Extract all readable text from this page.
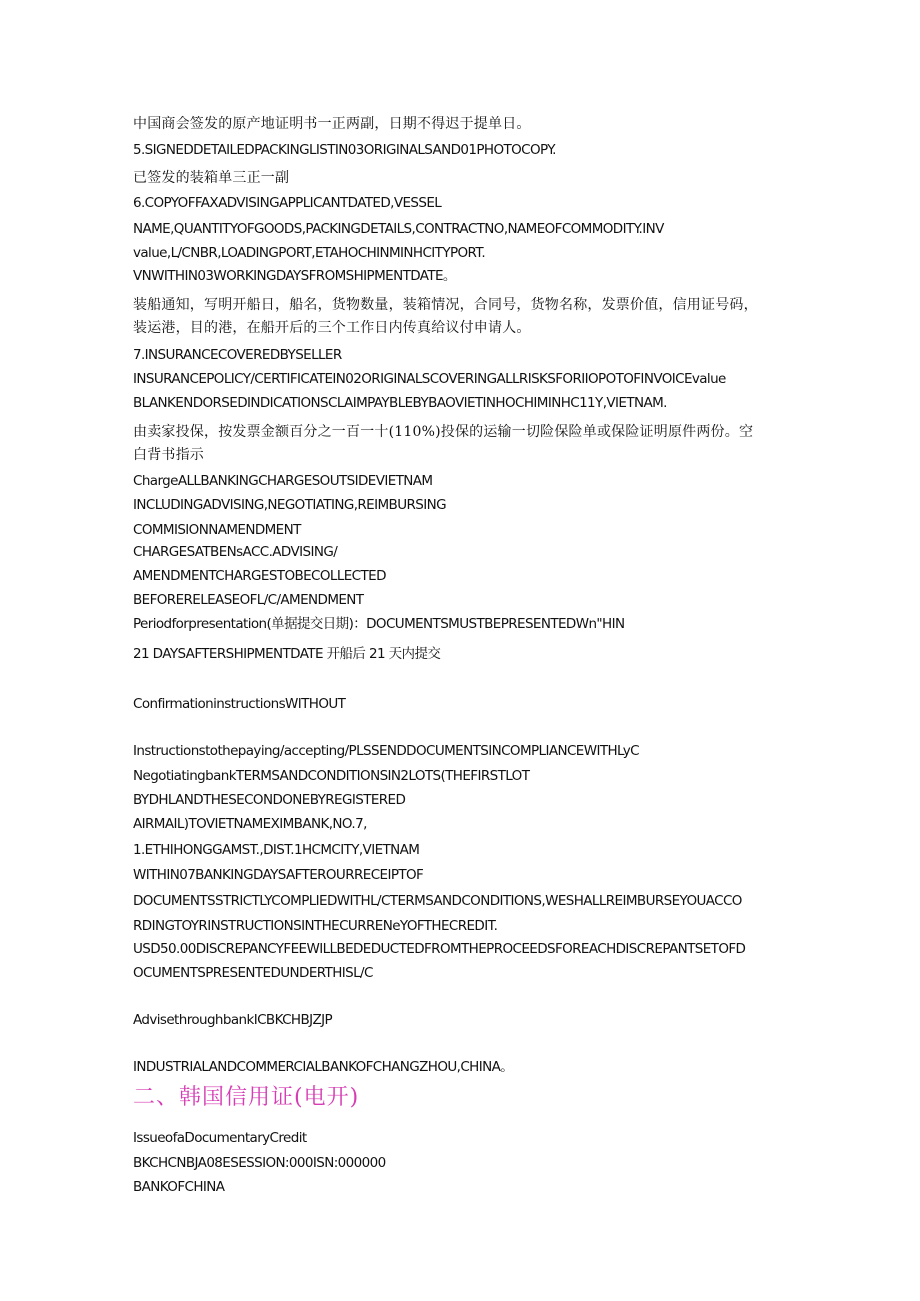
中国商会签发的原产地证明书一正两副，日期不得迟于提单日。
5.SIGNEDDETAILEDPACKINGLISTIN03ORIGINALSAND01PHOTOCOPY.
已签发的装箱单三正一副
6.COPYOFFAXADVISINGAPPLICANTDATED,VESSEL
NAME,QUANTITYOFGOODS,PACKINGDETAILS,CONTRACTNO,NAMEOFCOMMODITY.INV
value,L/CNBR,LOADINGPORT,ETAHOCHINMINHCITYPORT.
VNWITHIN03WORKINGDAYSFROMSHIPMENTDATE。
装船通知，写明开船日，船名，货物数量，装箱情况，合同号，货物名称，发票价值，信用证号码，
装运港，目的港，在船开后的三个工作日内传真给议付申请人。
7.INSURANCECOVEREDBYSELLER
INSURANCEPOLICY/CERTIFICATEIN02ORIGINALSCOVERINGALLRISKSFORIIOPOTOFINVOICEvalue
BLANKENDORSEDINDICATIONSCLAIMPAYBLEBYBAOVIETINHOCHIMINHC11Y,VIETNAM.
由卖家投保，按发票金额百分之一百一十(110%)投保的运输一切险保险单或保险证明原件两份。空
白背书指示
ChargeALLBANKINGCHARGESOUTSIDEVIETNAM
INCLUDINGADVISING,NEGOTIATING,REIMBURSING
COMMISIONNAMENDMENT
CHARGESATBENsACC.ADVISING/
AMENDMENTCHARGESTOBECOLLECTED
BEFORERELEASEOFL/C/AMENDMENT
Periodforpresentation(单据提交日期)：DOCUMENTSMUSTBEPRESENTEDWn"HIN
21 DAYSAFTERSHIPMENTDATE 开船后 21 天内提交
ConfirmationinstructionsWITHOUT
Instructionstothepaying/accepting/PLSSENDDOCUMENTSINCOMPLIANCEWITHLyC
NegotiatingbankTERMSANDCONDITIONSIN2LOTS(THEFIRSTLOT
BYDHLANDTHESECONDONEBYREGISTERED
AIRMAIL)TOVIETNAMEXIMBANK,NO.7,
1.ETHIHONGGAMST.,DIST.1HCMCITY,VIETNAM
WITHIN07BANKINGDAYSAFTEROURRECEIPTOF
DOCUMENTSSTRICTLYCOMPLIEDWITHL/CTERMSANDCONDITIONS,WESHALLREIMBURSEYOUACCO
RDINGTOYRINSTRUCTIONSINTHECURRENeYOFTHECREDIT.
USD50.00DISCREPANCYFEEWILLBEDEDUCTEDFROMTHEPROCEEDSFOREACHDISCREPANTSETOFD
OCUMENTSPRESENTEDUNDERTHISL/C
AdvisethroughbankICBKCHBJZJP
INDUSTRIALANDCOMMERCIALBANKOFCHANGZHOU,CHINA。
二、韩国信用证(电开)
IssueofaDocumentaryCredit
BKCHCNBJA08ESESSION:000ISN:000000
BANKOFCHINA
